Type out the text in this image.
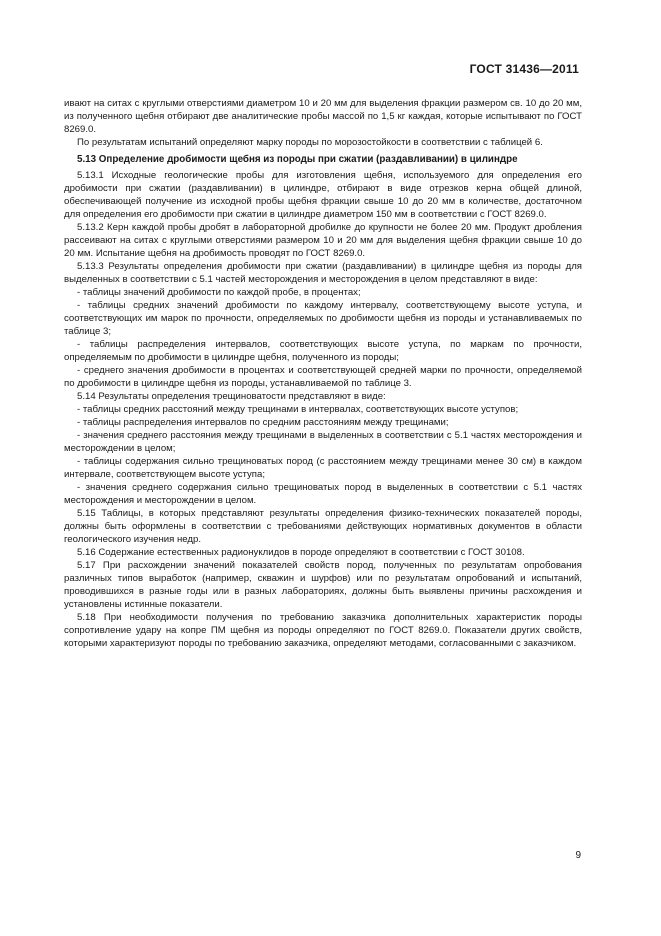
ГОСТ 31436—2011

ивают на ситах с круглыми отверстиями диаметром 10 и 20 мм для выделения фракции размером св. 10 до 20 мм, из полученного щебня отбирают две аналитические пробы массой по 1,5 кг каждая, которые испытывают по ГОСТ 8269.0.

По результатам испытаний определяют марку породы по морозостойкости в соответствии с таблицей 6.

5.13 Определение дробимости щебня из породы при сжатии (раздавливании) в цилиндре

5.13.1 Исходные геологические пробы для изготовления щебня, используемого для определения его дробимости при сжатии (раздавливании) в цилиндре, отбирают в виде отрезков керна общей длиной, обеспечивающей получение из исходной пробы щебня фракции свыше 10 до 20 мм в количестве, достаточном для определения его дробимости при сжатии в цилиндре диаметром 150 мм в соответствии с ГОСТ 8269.0.

5.13.2 Керн каждой пробы дробят в лабораторной дробилке до крупности не более 20 мм. Продукт дробления рассеивают на ситах с круглыми отверстиями размером 10 и 20 мм для выделения щебня фракции свыше 10 до 20 мм. Испытание щебня на дробимость проводят по ГОСТ 8269.0.

5.13.3 Результаты определения дробимости при сжатии (раздавливании) в цилиндре щебня из породы для выделенных в соответствии с 5.1 частей месторождения и месторождения в целом представляют в виде:

- таблицы значений дробимости по каждой пробе, в процентах;

- таблицы средних значений дробимости по каждому интервалу, соответствующему высоте уступа, и соответствующих им марок по прочности, определяемых по дробимости щебня из породы и устанавливаемых по таблице 3;

- таблицы распределения интервалов, соответствующих высоте уступа, по маркам по прочности, определяемым по дробимости в цилиндре щебня, полученного из породы;

- среднего значения дробимости в процентах и соответствующей средней марки по прочности, определяемой по дробимости в цилиндре щебня из породы, устанавливаемой по таблице 3.

5.14 Результаты определения трещиноватости представляют в виде:

- таблицы средних расстояний между трещинами в интервалах, соответствующих высоте уступов;

- таблицы распределения интервалов по средним расстояниям между трещинами;

- значения среднего расстояния между трещинами в выделенных в соответствии с 5.1 частях месторождения и месторождении в целом;

- таблицы содержания сильно трещиноватых пород (с расстоянием между трещинами менее 30 см) в каждом интервале, соответствующем высоте уступа;

- значения среднего содержания сильно трещиноватых пород в выделенных в соответствии с 5.1 частях месторождения и месторождении в целом.

5.15 Таблицы, в которых представляют результаты определения физико-технических показателей породы, должны быть оформлены в соответствии с требованиями действующих нормативных документов в области геологического изучения недр.

5.16 Содержание естественных радионуклидов в породе определяют в соответствии с ГОСТ 30108.

5.17 При расхождении значений показателей свойств пород, полученных по результатам опробования различных типов выработок (например, скважин и шурфов) или по результатам опробований и испытаний, проводившихся в разные годы или в разных лабораториях, должны быть выявлены причины расхождения и установлены истинные показатели.

5.18 При необходимости получения по требованию заказчика дополнительных характеристик породы сопротивление удару на копре ПМ щебня из породы определяют по ГОСТ 8269.0. Показатели других свойств, которыми характеризуют породы по требованию заказчика, определяют методами, согласованными с заказчиком.

9
